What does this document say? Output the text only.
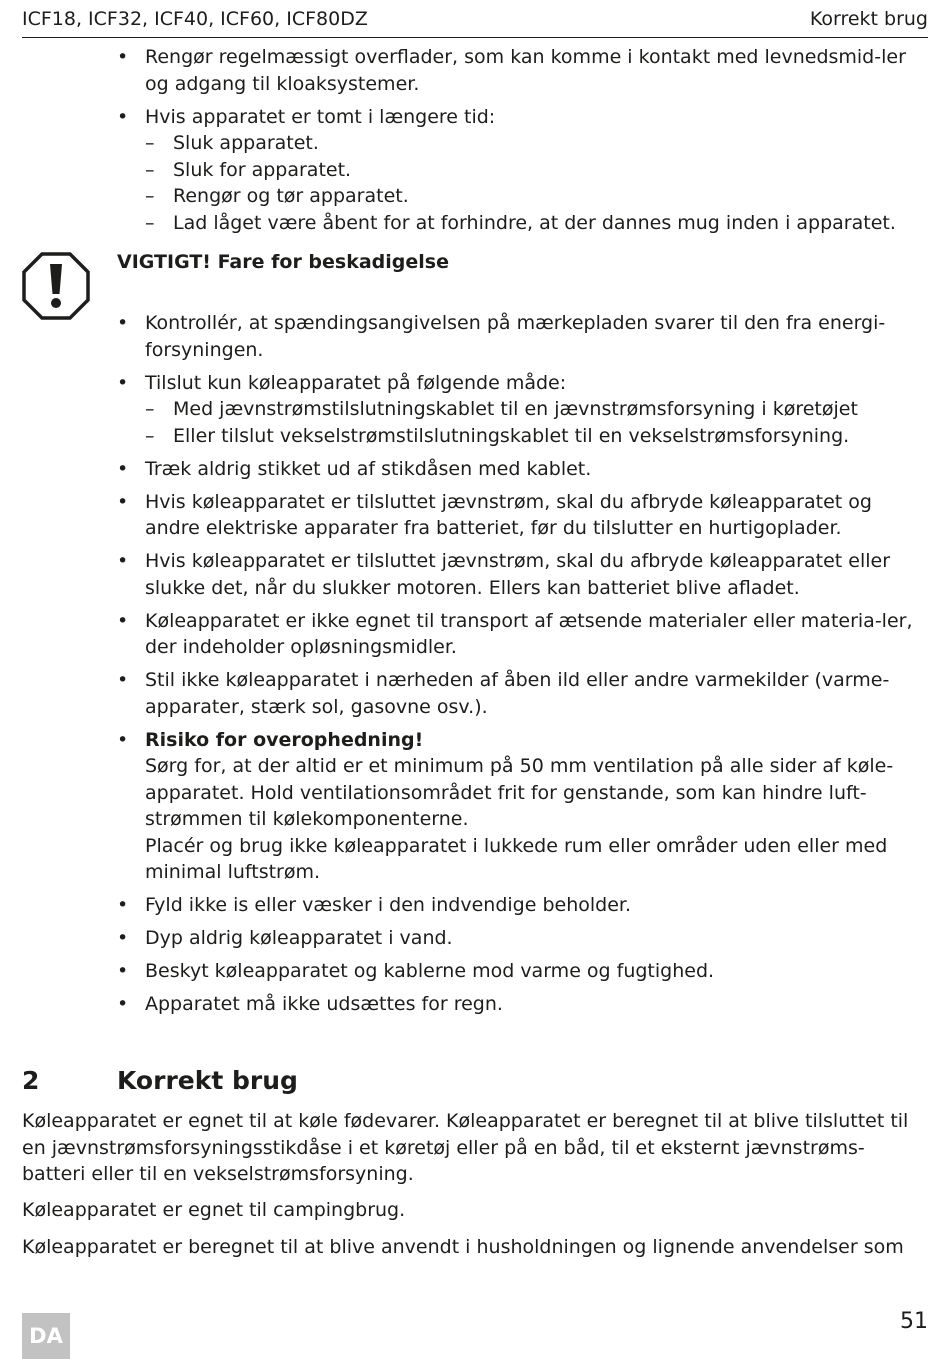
ICF18, ICF32, ICF40, ICF60, ICF80DZ	Korrekt brug
• Rengør regelmæssigt overflader, som kan komme i kontakt med levnedsmid-ler og adgang til kloaksystemer.
• Hvis apparatet er tomt i længere tid:
– Sluk apparatet.
– Sluk for apparatet.
– Rengør og tør apparatet.
– Lad låget være åbent for at forhindre, at der dannes mug inden i apparatet.
VIGTIGT! Fare for beskadigelse
• Kontrollér, at spændingsangivelsen på mærkepladen svarer til den fra energi-forsyningen.
• Tilslut kun køleapparatet på følgende måde:
– Med jævnstrømstilslutningskablet til en jævnstrømsforsyning i køretøjet
– Eller tilslut vekselstrømstilslutningskablet til en vekselstrømsforsyning.
• Træk aldrig stikket ud af stikdåsen med kablet.
• Hvis køleapparatet er tilsluttet jævnstrøm, skal du afbryde køleapparatet og andre elektriske apparater fra batteriet, før du tilslutter en hurtigoplader.
• Hvis køleapparatet er tilsluttet jævnstrøm, skal du afbryde køleapparatet eller slukke det, når du slukker motoren. Ellers kan batteriet blive afladet.
• Køleapparatet er ikke egnet til transport af ætsende materialer eller materia-ler, der indeholder opløsningsmidler.
• Stil ikke køleapparatet i nærheden af åben ild eller andre varmekilder (varme-apparater, stærk sol, gasovne osv.).
• Risiko for overophedning!
Sørg for, at der altid er et minimum på 50 mm ventilation på alle sider af køle-apparatet. Hold ventilationsområdet frit for genstande, som kan hindre luft-strømmen til kølekomponenterne.
Placér og brug ikke køleapparatet i lukkede rum eller områder uden eller med minimal luftstrøm.
• Fyld ikke is eller væsker i den indvendige beholder.
• Dyp aldrig køleapparatet i vand.
• Beskyt køleapparatet og kablerne mod varme og fugtighed.
• Apparatet må ikke udsættes for regn.
2	Korrekt brug

Køleapparatet er egnet til at køle fødevarer. Køleapparatet er beregnet til at blive tilsluttet til en jævnstrømsforsyningsstikdåse i et køretøj eller på en båd, til et eksternt jævnstrøms-batteri eller til en vekselstrømsforsyning.

Køleapparatet er egnet til campingbrug.

Køleapparatet er beregnet til at blive anvendt i husholdningen og lignende anvendelser som

DA
51
